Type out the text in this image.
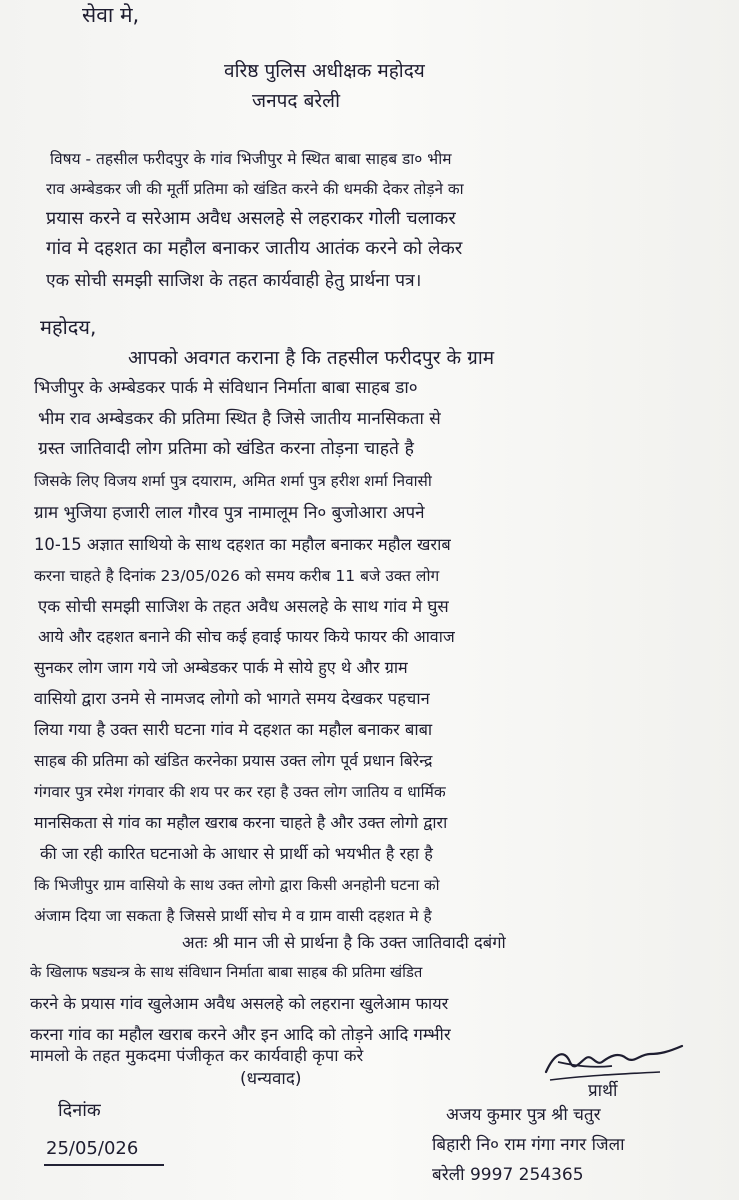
सेवा मे,
वरिष्ठ पुलिस अधीक्षक महोदय
जनपद बरेली
विषय - तहसील फरीदपुर के गांव भिजीपुर मे स्थित बाबा साहब डा० भीम
राव अम्बेडकर जी की मूर्ती प्रतिमा को खंडित करने की धमकी देकर तोड़ने का
प्रयास करने व सरेआम अवैध असलहे से लहराकर गोली चलाकर
गांव मे दहशत का महौल बनाकर जातीय आतंक करने को लेकर
एक सोची समझी साजिश के तहत कार्यवाही हेतु प्रार्थना पत्र।
महोदय,
आपको अवगत कराना है कि तहसील फरीदपुर के ग्राम
भिजीपुर के अम्बेडकर पार्क मे संविधान निर्माता बाबा साहब डा०
भीम राव अम्बेडकर की प्रतिमा स्थित है जिसे जातीय मानसिकता से
ग्रस्त जातिवादी लोग प्रतिमा को खंडित करना तोड़ना चाहते है
जिसके लिए विजय शर्मा पुत्र दयाराम, अमित शर्मा पुत्र हरीश शर्मा निवासी
ग्राम भुजिया हजारी लाल गौरव पुत्र नामालूम नि० बुजोआरा अपने
10-15 अज्ञात साथियो के साथ दहशत का महौल बनाकर महौल खराब
करना चाहते है दिनांक 23/05/026 को समय करीब 11 बजे उक्त लोग
एक सोची समझी साजिश के तहत अवैध असलहे के साथ गांव मे घुस
आये और दहशत बनाने की सोच कई हवाई फायर किये फायर की आवाज
सुनकर लोग जाग गये जो अम्बेडकर पार्क मे सोये हुए थे और ग्राम
वासियो द्वारा उनमे से नामजद लोगो को भागते समय देखकर पहचान
लिया गया है उक्त सारी घटना गांव मे दहशत का महौल बनाकर बाबा
साहब की प्रतिमा को खंडित करनेका प्रयास उक्त लोग पूर्व प्रधान बिरेन्द्र
गंगवार पुत्र रमेश गंगवार की शय पर कर रहा है उक्त लोग जातिय व धार्मिक
मानसिकता से गांव का महौल खराब करना चाहते है और उक्त लोगो द्वारा
की जा रही कारित घटनाओ के आधार से प्रार्थी को भयभीत है रहा है
कि भिजीपुर ग्राम वासियो के साथ उक्त लोगो द्वारा किसी अनहोनी घटना को
अंजाम दिया जा सकता है जिससे प्रार्थी सोच मे व ग्राम वासी दहशत मे है
अतः श्री मान जी से प्रार्थना है कि उक्त जातिवादी दबंगो
के खिलाफ षड्यन्त्र के साथ संविधान निर्माता बाबा साहब की प्रतिमा खंडित
करने के प्रयास गांव खुलेआम अवैध असलहे को लहराना खुलेआम फायर
करना गांव का महौल खराब करने और इन आदि को तोड़ने आदि गम्भीर
मामलो के तहत मुकदमा पंजीकृत कर कार्यवाही कृपा करे
(धन्यवाद)
प्रार्थी
दिनांक
25/05/026
अजय कुमार पुत्र श्री चतुर
बिहारी नि० राम गंगा नगर जिला
बरेली 9997 254365
